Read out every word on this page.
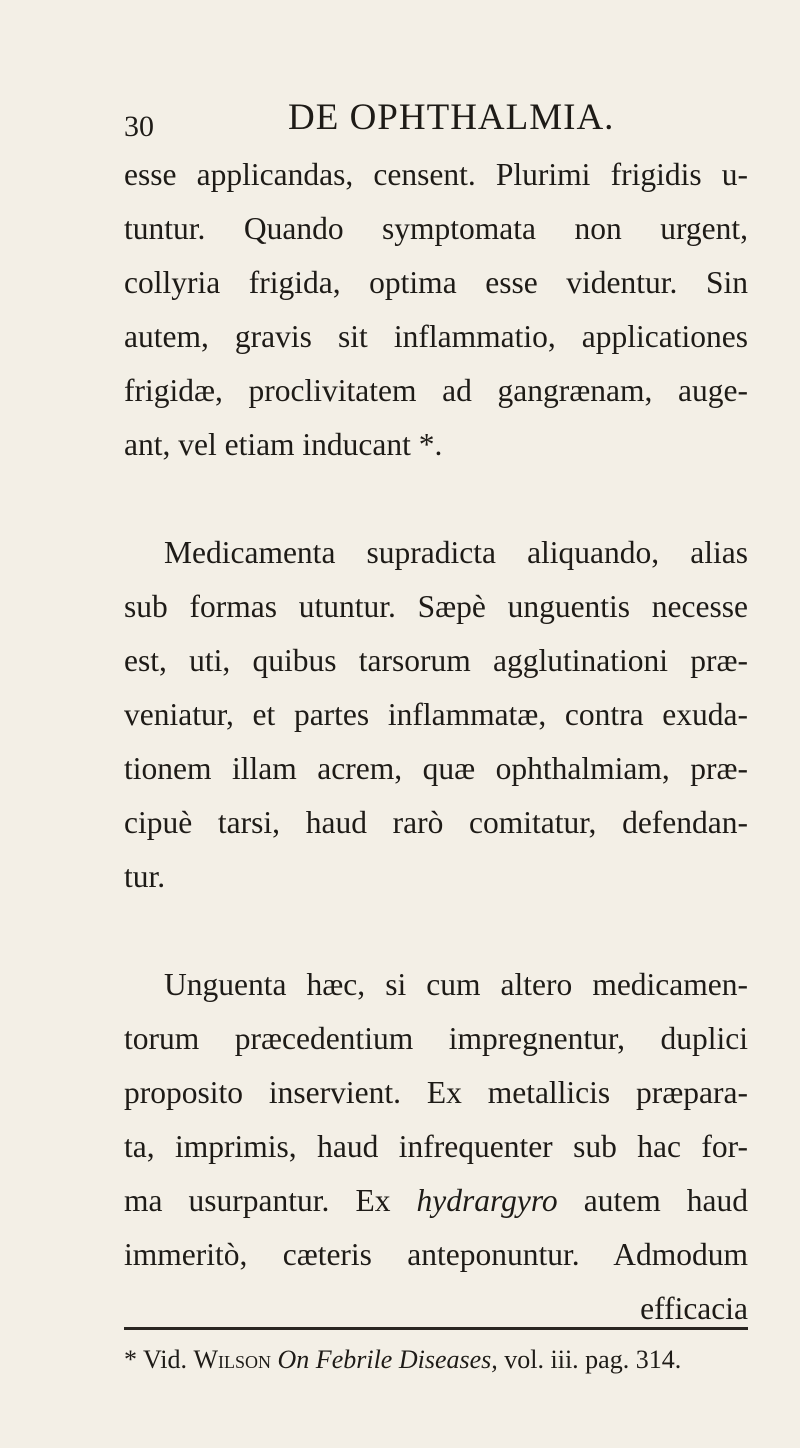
30	DE OPHTHALMIA.
esse applicandas, censent. Plurimi frigidis u-
tuntur. Quando symptomata non urgent,
collyria frigida, optima esse videntur. Sin
autem, gravis sit inflammatio, applicationes
frigidæ, proclivitatem ad gangrænam, auge-
ant, vel etiam inducant *.
Medicamenta supradicta aliquando, alias
sub formas utuntur. Sæpè unguentis necesse
est, uti, quibus tarsorum agglutinationi præ-
veniatur, et partes inflammatæ, contra exuda-
tionem illam acrem, quæ ophthalmiam, præ-
cipuè tarsi, haud rarò comitatur, defendan-
tur.
Unguenta hæc, si cum altero medicamen-
torum præcedentium impregnentur, duplici
proposito inservient. Ex metallicis præpara-
ta, imprimis, haud infrequenter sub hac for-
ma usurpantur. Ex hydrargyro autem haud
immeritò, cæteris anteponuntur. Admodum
efficacia
* Vid. Wilson On Febrile Diseases, vol. iii. pag. 314.
